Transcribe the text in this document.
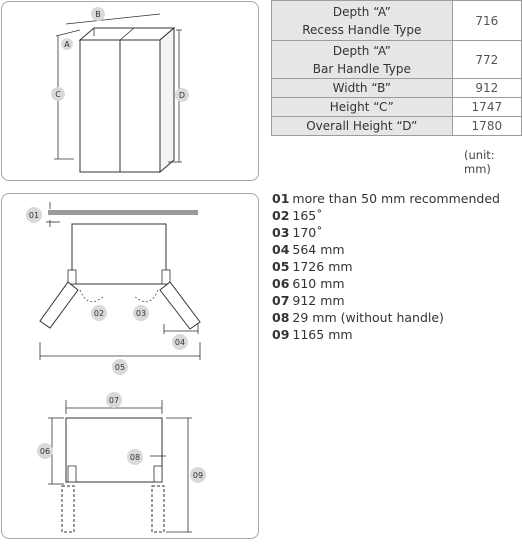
B
A
C	D
Depth “A”
Recess Handle Type	716
Depth “A”
Bar Handle Type	772
Width “B”	912
Height “C”	1747
Overall Height “D”	1780
(unit: mm)
01
02	03
04
05
07
06
08
09
01 more than 50 mm recommended
02 165˚
03 170˚
04 564 mm
05 1726 mm
06 610 mm
07 912 mm
08 29 mm (without handle)
09 1165 mm
